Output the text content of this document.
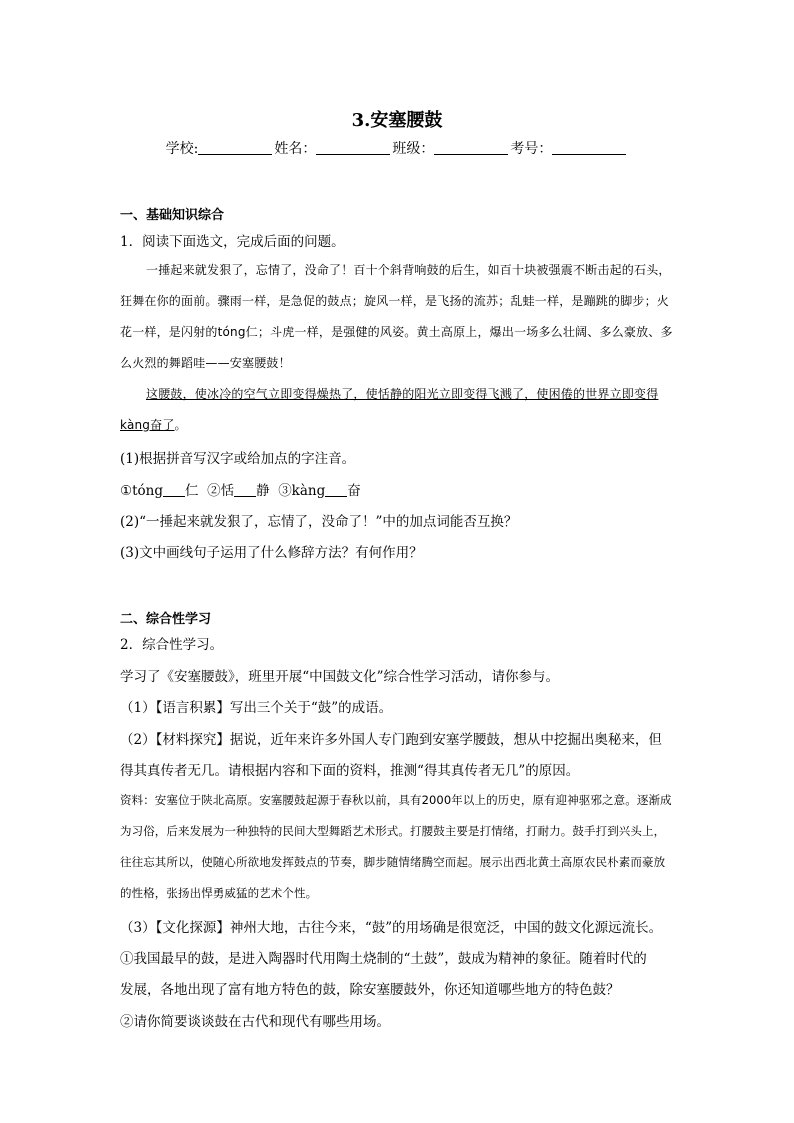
3.安塞腰鼓
学校:	姓名：	班级：	考号：
一、基础知识综合
1．阅读下面选文，完成后面的问题。
一捶起来就发狠了，忘情了，没命了！百十个斜背响鼓的后生，如百十块被强震不断击起的石头，狂舞在你的面前。骤雨一样，是急促的鼓点；旋风一样，是飞扬的流苏；乱蛙一样，是蹦跳的脚步；火花一样，是闪射的tóng仁；斗虎一样，是强健的风姿。黄土高原上，爆出一场多么壮阔、多么豪放、多么火烈的舞蹈哇——安塞腰鼓！
这腰鼓，使冰冷的空气立即变得燥热了，使恬静的阳光立即变得飞溅了，使困倦的世界立即变得kàng奋了。
(1)根据拼音写汉字或给加点的字注音。
①tóng 仁 ②恬 静 ③kàng 奋
(2)“一捶起来就发狠了，忘情了，没命了！”中的加点词能否互换？
(3)文中画线句子运用了什么修辞方法？有何作用？
二、综合性学习
2．综合性学习。
学习了《安塞腰鼓》，班里开展“中国鼓文化”综合性学习活动，请你参与。
（1）【语言积累】写出三个关于“鼓”的成语。
（2）【材料探究】据说，近年来许多外国人专门跑到安塞学腰鼓，想从中挖掘出奥秘来，但
得其真传者无几。请根据内容和下面的资料，推测“得其真传者无几”的原因。
资料：安塞位于陕北高原。安塞腰鼓起源于春秋以前，具有2000年以上的历史，原有迎神驱邪之意。逐渐成为习俗，后来发展为一种独特的民间大型舞蹈艺术形式。打腰鼓主要是打情绪，打耐力。鼓手打到兴头上，往往忘其所以，使随心所欲地发挥鼓点的节奏，脚步随情绪腾空而起。展示出西北黄土高原农民朴素而豪放的性格，张扬出悍勇威猛的艺术个性。
（3）【文化探源】神州大地，古往今来，“鼓”的用场确是很宽泛，中国的鼓文化源远流长。
①我国最早的鼓，是进入陶器时代用陶土烧制的“土鼓”，鼓成为精神的象征。随着时代的
发展，各地出现了富有地方特色的鼓，除安塞腰鼓外，你还知道哪些地方的特色鼓？
②请你简要谈谈鼓在古代和现代有哪些用场。
